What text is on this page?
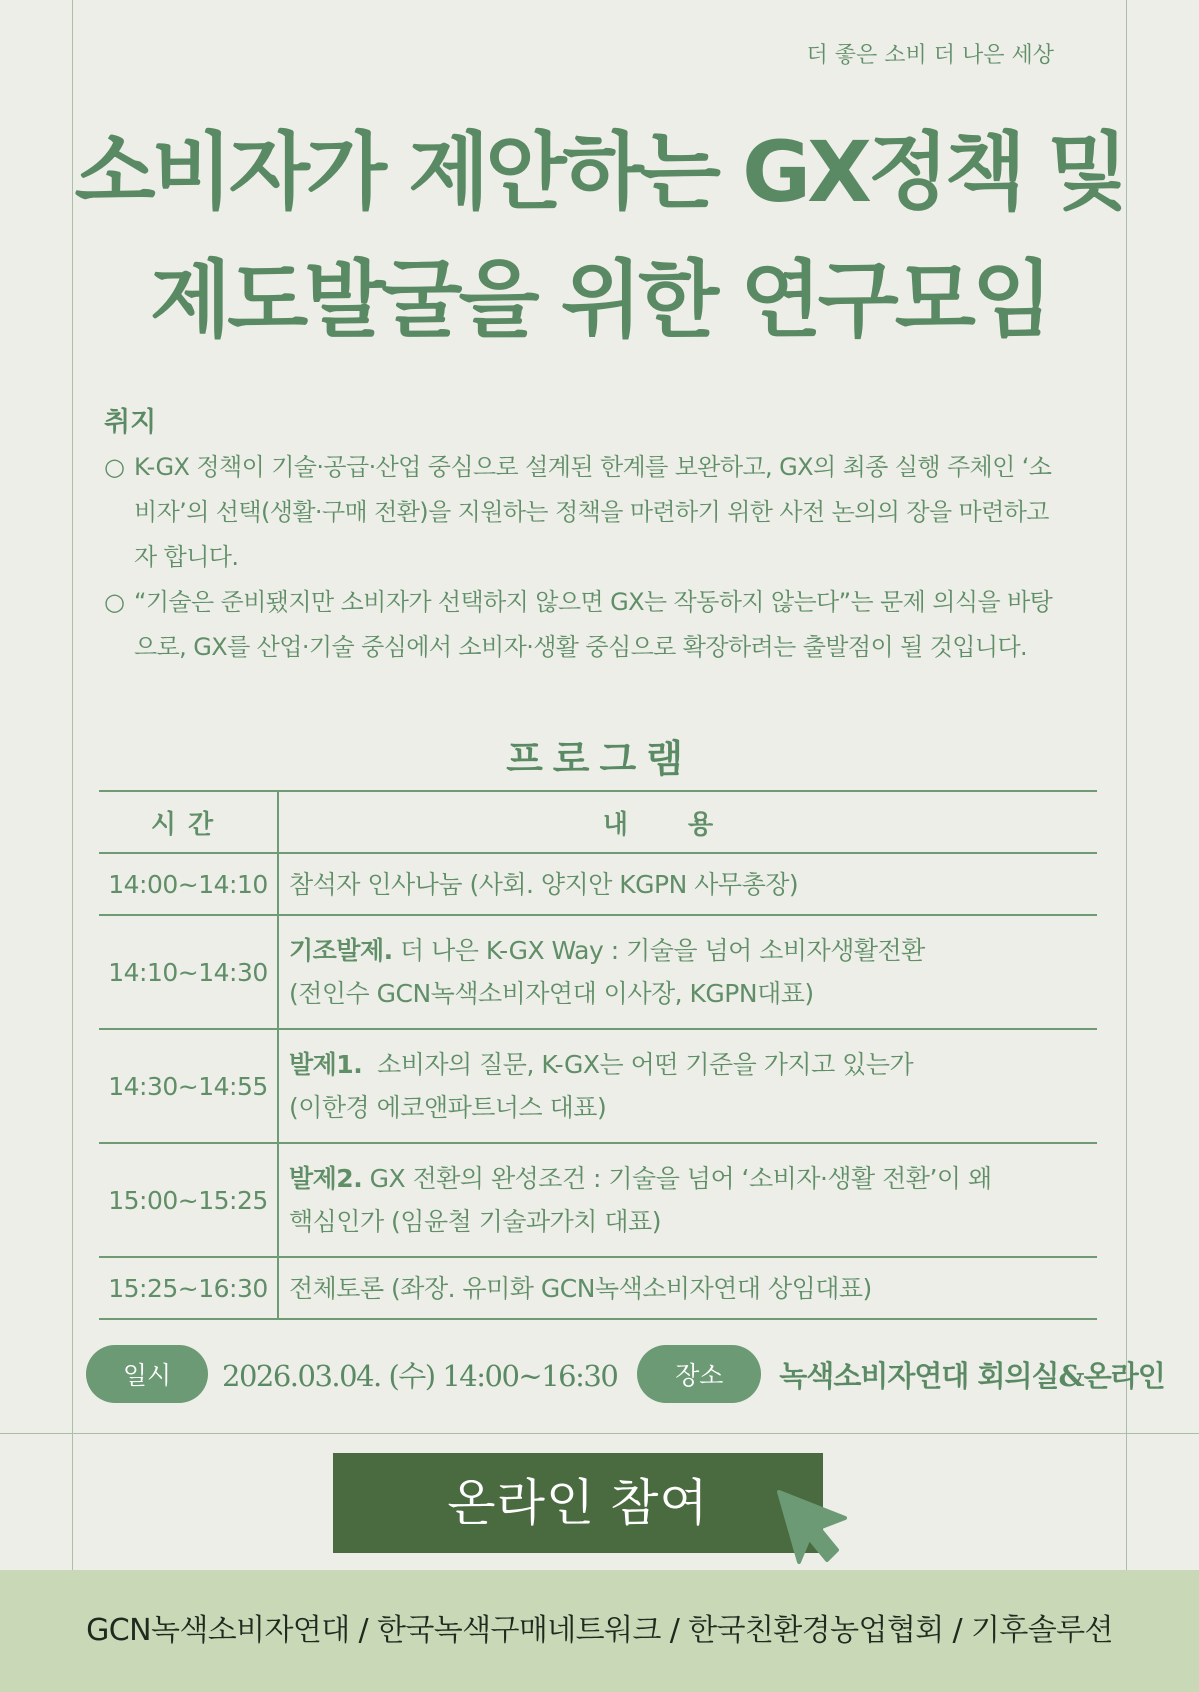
더 좋은 소비 더 나은 세상
소비자가 제안하는 GX정책 및
제도발굴을 위한 연구모임
취지
○ K-GX 정책이 기술·공급·산업 중심으로 설계된 한계를 보완하고, GX의 최종 실행 주체인 ‘소비자’의 선택(생활·구매 전환)을 지원하는 정책을 마련하기 위한 사전 논의의 장을 마련하고자 합니다.

○ “기술은 준비됐지만 소비자가 선택하지 않으면 GX는 작동하지 않는다”는 문제 의식을 바탕으로, GX를 산업·기술 중심에서 소비자·생활 중심으로 확장하려는 출발점이 될 것입니다.

프로그램
시간	내용
14:00~14:10	참석자 인사나눔 (사회. 양지안 KGPN 사무총장)
14:10~14:30	기조발제. 더 나은 K-GX Way : 기술을 넘어 소비자생활전환
(전인수 GCN녹색소비자연대 이사장, KGPN대표)

14:30~14:55	발제1.  소비자의 질문, K-GX는 어떤 기준을 가지고 있는가
(이한경 에코앤파트너스 대표)

15:00~15:25	발제2. GX 전환의 완성조건 : 기술을 넘어 ‘소비자·생활 전환’이 왜
핵심인가 (임윤철 기술과가치 대표)

15:25~16:30	전체토론 (좌장. 유미화 GCN녹색소비자연대 상임대표)
일시	2026.03.04. (수) 14:00~16:30	장소	녹색소비자연대 회의실&온라인
온라인 참여
GCN녹색소비자연대 / 한국녹색구매네트워크 / 한국친환경농업협회 / 기후솔루션
